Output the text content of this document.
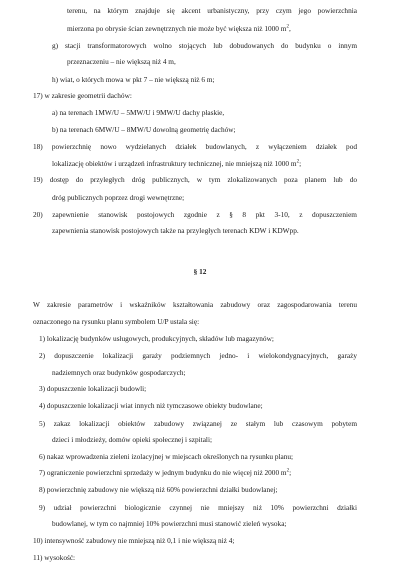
terenu, na którym znajduje się akcent urbanistyczny, przy czym jego powierzchnia
mierzona po obrysie ścian zewnętrznych nie może być większa niż 1000 $m^2$,
g) stacji transformatorowych wolno stojących lub dobudowanych do budynku o innym
przeznaczeniu – nie większą niż 4 m,
h) wiat, o których mowa w pkt 7 – nie większą niż 6 m;
17) w zakresie geometrii dachów:
a) na terenach 1MW/U – 5MW/U i 9MW/U dachy płaskie,
b) na terenach 6MW/U – 8MW/U dowolną geometrię dachów;
18) powierzchnię nowo wydzielanych działek budowlanych, z wyłączeniem działek pod
lokalizację obiektów i urządzeń infrastruktury technicznej, nie mniejszą niż 1000 $m^2$;
19) dostęp do przyległych dróg publicznych, w tym zlokalizowanych poza planem lub do
dróg publicznych poprzez drogi wewnętrzne;
20) zapewnienie stanowisk postojowych zgodnie z § 8 pkt 3-10, z dopuszczeniem
zapewnienia stanowisk postojowych także na przyległych terenach KDW i KDWpp.
§ 12
W zakresie parametrów i wskaźników kształtowania zabudowy oraz zagospodarowania terenu
oznaczonego na rysunku planu symbolem U/P ustala się:
1) lokalizację budynków usługowych, produkcyjnych, składów lub magazynów;
2) dopuszczenie lokalizacji garaży podziemnych jedno- i wielokondygnacyjnych, garaży
nadziemnych oraz budynków gospodarczych;
3) dopuszczenie lokalizacji budowli;
4) dopuszczenie lokalizacji wiat innych niż tymczasowe obiekty budowlane;
5) zakaz lokalizacji obiektów zabudowy związanej ze stałym lub czasowym pobytem
dzieci i młodzieży, domów opieki społecznej i szpitali;
6) nakaz wprowadzenia zieleni izolacyjnej w miejscach określonych na rysunku planu;
7) ograniczenie powierzchni sprzedaży w jednym budynku do nie więcej niż 2000 $m^2$;
8) powierzchnię zabudowy nie większą niż 60% powierzchni działki budowlanej;
9) udział powierzchni biologicznie czynnej nie mniejszy niż 10% powierzchni działki
budowlanej, w tym co najmniej 10% powierzchni musi stanowić zieleń wysoka;
10) intensywność zabudowy nie mniejszą niż 0,1 i nie większą niż 4;
11) wysokość:
